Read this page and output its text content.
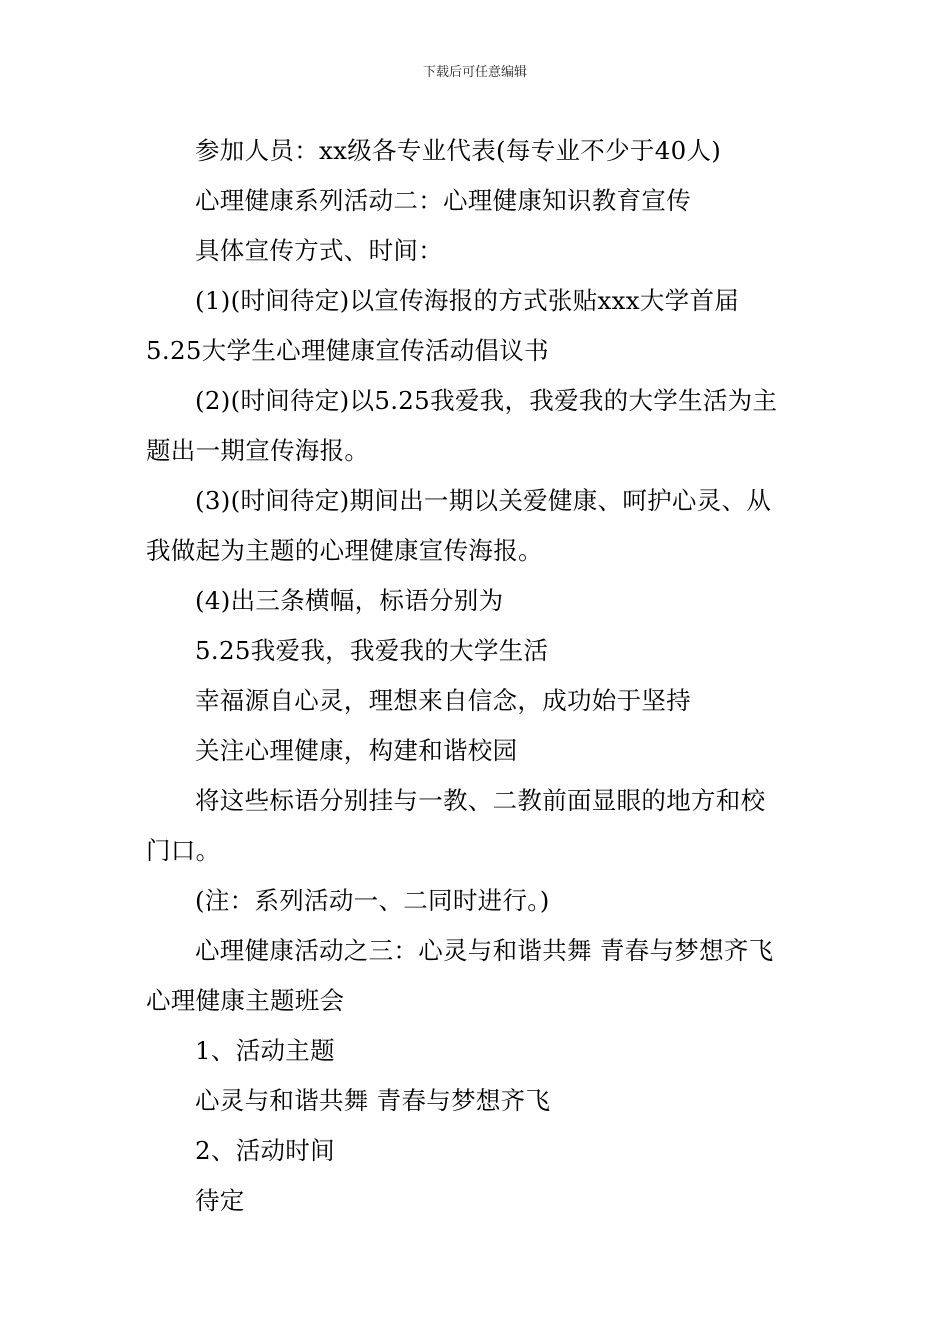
下载后可任意编辑
参加人员：xx级各专业代表(每专业不少于40人)
心理健康系列活动二：心理健康知识教育宣传
具体宣传方式、时间：
(1)(时间待定)以宣传海报的方式张贴xxx大学首届
5.25大学生心理健康宣传活动倡议书
(2)(时间待定)以5.25我爱我，我爱我的大学生活为主
题出一期宣传海报。
(3)(时间待定)期间出一期以关爱健康、呵护心灵、从
我做起为主题的心理健康宣传海报。
(4)出三条横幅，标语分别为
5.25我爱我，我爱我的大学生活
幸福源自心灵，理想来自信念，成功始于坚持
关注心理健康，构建和谐校园
将这些标语分别挂与一教、二教前面显眼的地方和校
门口。
(注：系列活动一、二同时进行。)
心理健康活动之三：心灵与和谐共舞 青春与梦想齐飞
心理健康主题班会
1、活动主题
心灵与和谐共舞 青春与梦想齐飞
2、活动时间
待定
